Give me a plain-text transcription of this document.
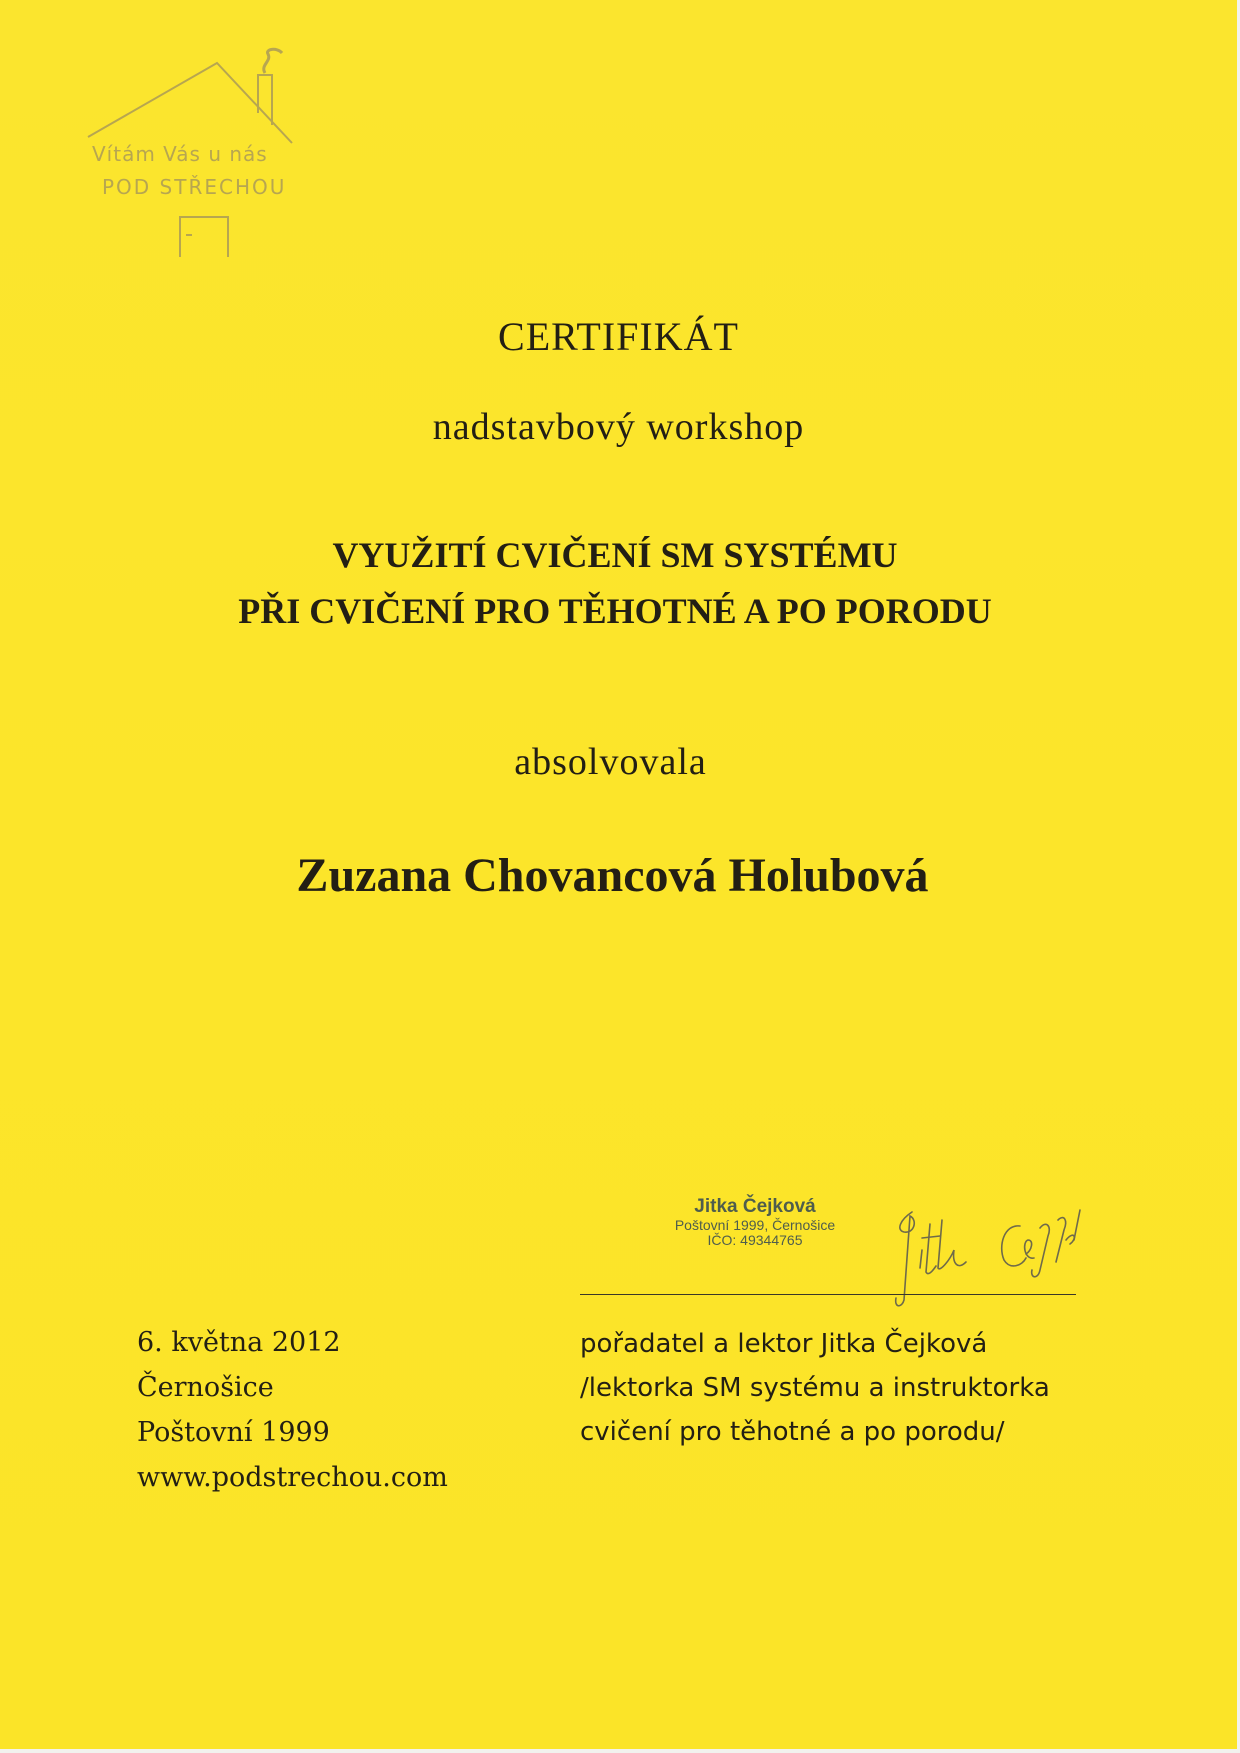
Vítám Vás u nás
POD STŘECHOU
CERTIFIKÁT
nadstavbový workshop
VYUŽITÍ CVIČENÍ SM SYSTÉMU
PŘI CVIČENÍ PRO TĚHOTNÉ A PO PORODU
absolvovala
Zuzana Chovancová Holubová
Jitka Čejková
Poštovní 1999, Černošice
IČO: 49344765
6. května 2012
Černošice
Poštovní 1999
www.podstrechou.com
pořadatel a lektor Jitka Čejková
/lektorka SM systému a instruktorka
cvičení pro těhotné a po porodu/
